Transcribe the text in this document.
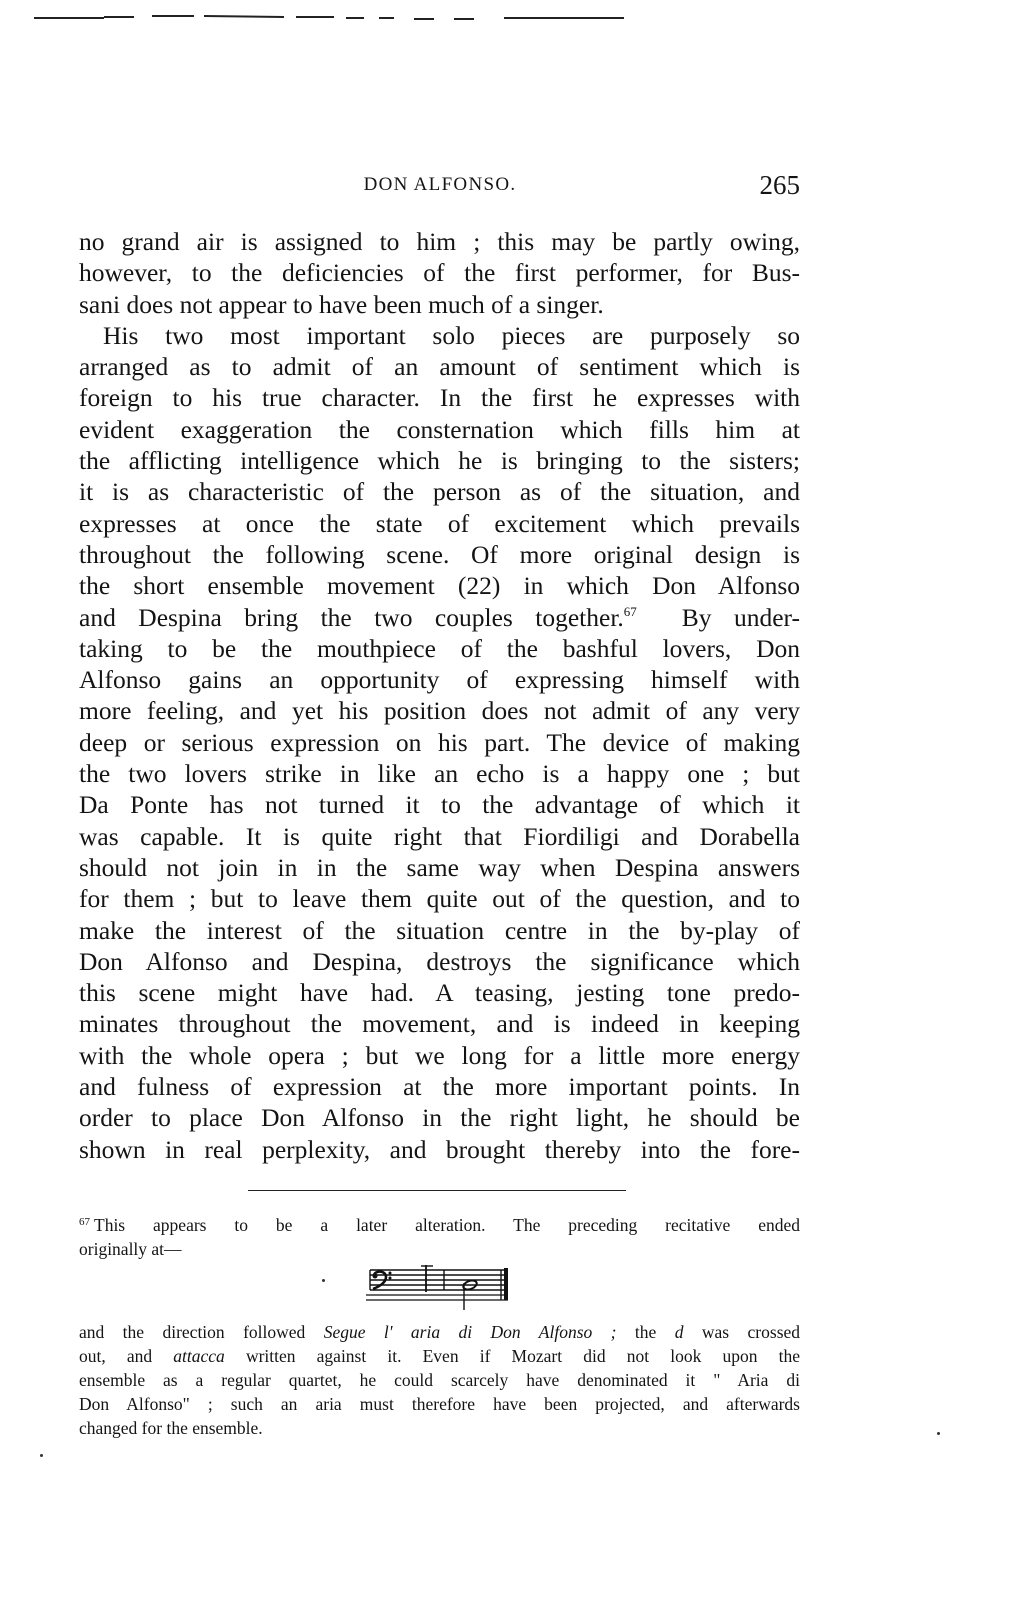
DON ALFONSO.	265

no grand air is assigned to him ; this may be partly owing,
however, to the deficiencies of the first performer, for Bus-
sani does not appear to have been much of a singer.

His two most important solo pieces are purposely so
arranged as to admit of an amount of sentiment which is
foreign to his true character. In the first he expresses with
evident exaggeration the consternation which fills him at
the afflicting intelligence which he is bringing to the sisters;
it is as characteristic of the person as of the situation, and
expresses at once the state of excitement which prevails
throughout the following scene. Of more original design is
the short ensemble movement (22) in which Don Alfonso
and Despina bring the two couples together.$^{67}$ By under-
taking to be the mouthpiece of the bashful lovers, Don
Alfonso gains an opportunity of expressing himself with
more feeling, and yet his position does not admit of any very
deep or serious expression on his part. The device of making
the two lovers strike in like an echo is a happy one ; but
Da Ponte has not turned it to the advantage of which it
was capable. It is quite right that Fiordiligi and Dorabella
should not join in in the same way when Despina answers
for them ; but to leave them quite out of the question, and to
make the interest of the situation centre in the by-play of
Don Alfonso and Despina, destroys the significance which
this scene might have had. A teasing, jesting tone predo-
minates throughout the movement, and is indeed in keeping
with the whole opera ; but we long for a little more energy
and fulness of expression at the more important points. In
order to place Don Alfonso in the right light, he should be
shown in real perplexity, and brought thereby into the fore-

$^{67}$ This appears to be a later alteration. The preceding recitative ended
originally at—
and the direction followed Segue l' aria di Don Alfonso ; the d was crossed
out, and attacca written against it. Even if Mozart did not look upon the
ensemble as a regular quartet, he could scarcely have denominated it " Aria di
Don Alfonso" ; such an aria must therefore have been projected, and afterwards
changed for the ensemble.
